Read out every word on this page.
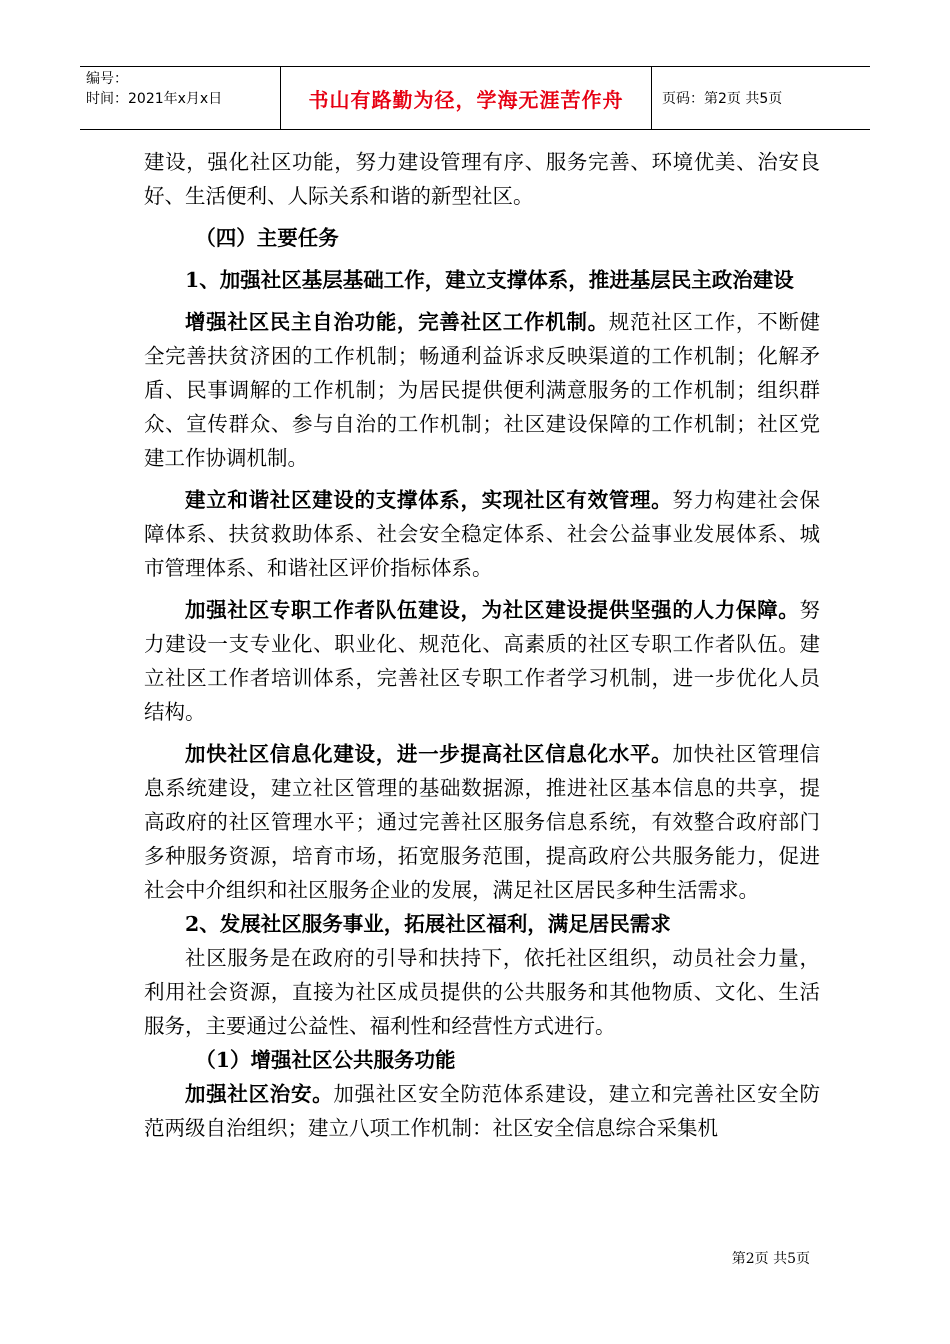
编号：
时间：2021年x月x日	书山有路勤为径，学海无涯苦作舟	页码：第2页 共5页

建设，强化社区功能，努力建设管理有序、服务完善、环境优美、治安良好、生活便利、人际关系和谐的新型社区。

（四）主要任务
1、加强社区基层基础工作，建立支撑体系，推进基层民主政治建设

增强社区民主自治功能，完善社区工作机制。规范社区工作，不断健全完善扶贫济困的工作机制；畅通利益诉求反映渠道的工作机制；化解矛盾、民事调解的工作机制；为居民提供便利满意服务的工作机制；组织群众、宣传群众、参与自治的工作机制；社区建设保障的工作机制；社区党建工作协调机制。

建立和谐社区建设的支撑体系，实现社区有效管理。努力构建社会保障体系、扶贫救助体系、社会安全稳定体系、社会公益事业发展体系、城市管理体系、和谐社区评价指标体系。

加强社区专职工作者队伍建设，为社区建设提供坚强的人力保障。努力建设一支专业化、职业化、规范化、高素质的社区专职工作者队伍。建立社区工作者培训体系，完善社区专职工作者学习机制，进一步优化人员结构。

加快社区信息化建设，进一步提高社区信息化水平。加快社区管理信息系统建设，建立社区管理的基础数据源，推进社区基本信息的共享，提高政府的社区管理水平；通过完善社区服务信息系统，有效整合政府部门多种服务资源，培育市场，拓宽服务范围，提高政府公共服务能力，促进社会中介组织和社区服务企业的发展，满足社区居民多种生活需求。

2、发展社区服务事业，拓展社区福利，满足居民需求

社区服务是在政府的引导和扶持下，依托社区组织，动员社会力量，利用社会资源，直接为社区成员提供的公共服务和其他物质、文化、生活服务，主要通过公益性、福利性和经营性方式进行。

（1）增强社区公共服务功能

加强社区治安。加强社区安全防范体系建设，建立和完善社区安全防范两级自治组织；建立八项工作机制：社区安全信息综合采集机

第2页 共5页
